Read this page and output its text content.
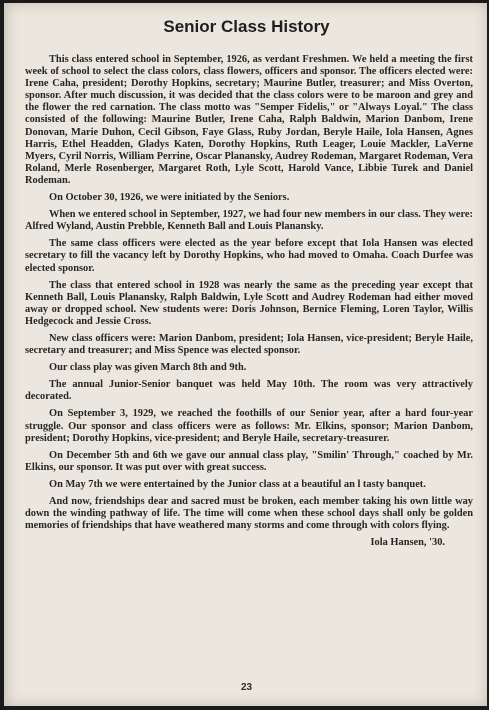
Senior Class History

This class entered school in September, 1926, as verdant Freshmen. We held a meeting the first week of school to select the class colors, class flowers, officers and sponsor. The officers elected were: Irene Caha, president; Dorothy Hopkins, secretary; Maurine Butler, treasurer; and Miss Overton, sponsor. After much discussion, it was decided that the class colors were to be maroon and grey and the flower the red carnation. The class motto was "Semper Fidelis," or "Always Loyal." The class consisted of the following: Maurine Butler, Irene Caha, Ralph Baldwin, Marion Danbom, Irene Donovan, Marie Duhon, Cecil Gibson, Faye Glass, Ruby Jordan, Beryle Haile, Iola Hansen, Agnes Harris, Ethel Headden, Gladys Katen, Dorothy Hopkins, Ruth Leager, Louie Mackler, LaVerne Myers, Cyril Norris, William Perrine, Oscar Planansky, Audrey Rodeman, Margaret Rodeman, Vera Roland, Merle Rosenberger, Margaret Roth, Lyle Scott, Harold Vance, Libbie Turek and Daniel Rodeman.

On October 30, 1926, we were initiated by the Seniors.

When we entered school in September, 1927, we had four new members in our class. They were: Alfred Wyland, Austin Prebble, Kenneth Ball and Louis Planansky.

The same class officers were elected as the year before except that Iola Hansen was elected secretary to fill the vacancy left by Dorothy Hopkins, who had moved to Omaha. Coach Durfee was elected sponsor.

The class that entered school in 1928 was nearly the same as the preceding year except that Kenneth Ball, Louis Planansky, Ralph Baldwin, Lyle Scott and Audrey Rodeman had either moved away or dropped school. New students were: Doris Johnson, Bernice Fleming, Loren Taylor, Willis Hedgecock and Jessie Cross.

New class officers were: Marion Danbom, president; Iola Hansen, vice-president; Beryle Haile, secretary and treasurer; and Miss Spence was elected sponsor.

Our class play was given March 8th and 9th.

The annual Junior-Senior banquet was held May 10th. The room was very attractively decorated.

On September 3, 1929, we reached the foothills of our Senior year, after a hard four-year struggle. Our sponsor and class officers were as follows: Mr. Elkins, sponsor; Marion Danbom, president; Dorothy Hopkins, vice-president; and Beryle Haile, secretary-treasurer.

On December 5th and 6th we gave our annual class play, "Smilin' Through," coached by Mr. Elkins, our sponsor. It was put over with great success.

On May 7th we were entertained by the Junior class at a beautiful an l tasty banquet.

And now, friendships dear and sacred must be broken, each member taking his own little way down the winding pathway of life. The time will come when these school days shall only be golden memories of friendships that have weathered many storms and come through with colors flying.

Iola Hansen, '30.
23
